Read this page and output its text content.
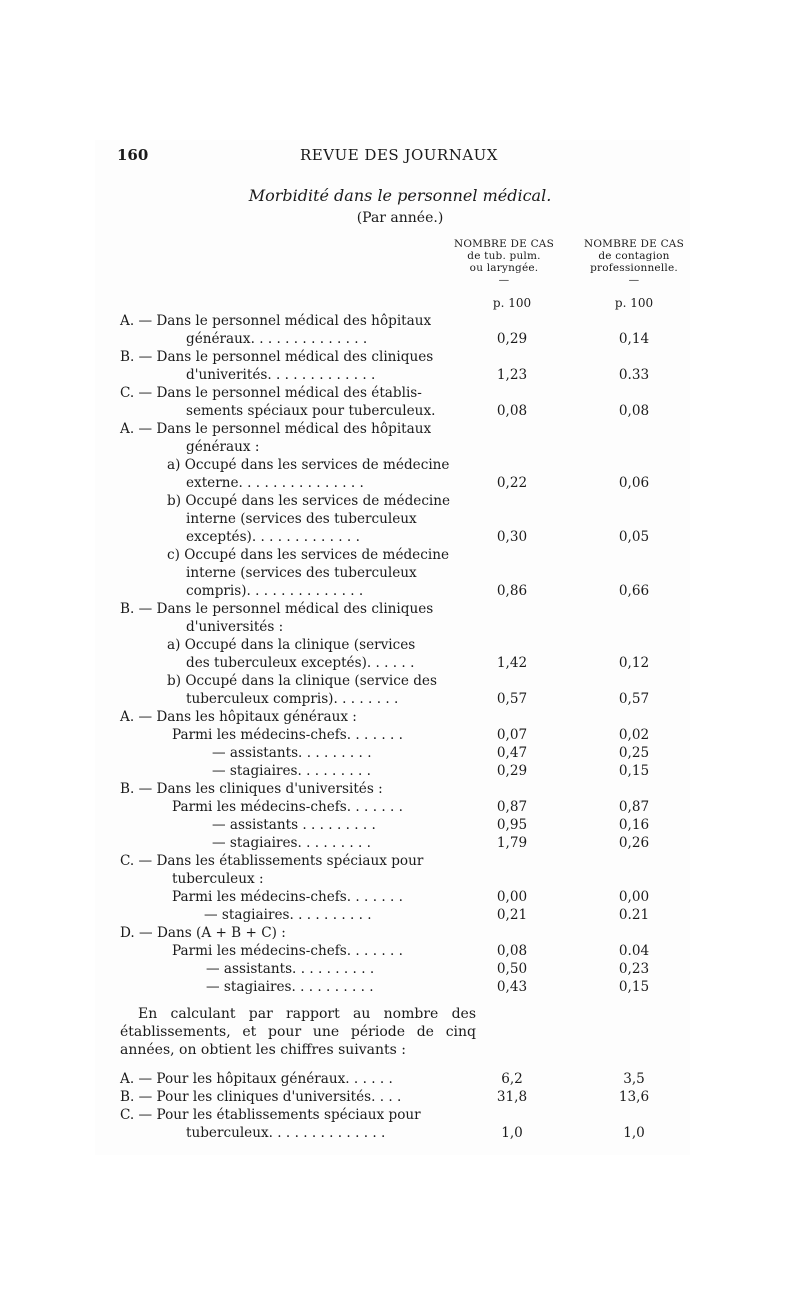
160	REVUE DES JOURNAUX
Morbidité dans le personnel médical.
(Par année.)
NOMBRE DE CAS
de tub. pulm.
ou laryngée.
—
NOMBRE DE CAS
de contagion
professionnelle.
—
p. 100	p. 100
A. — Dans le personnel médical des hôpitaux
généraux. . . . . . . . . . . . . .	0,29	0,14
B. — Dans le personnel médical des cliniques
d'univerités. . . . . . . . . . . . .	1,23	0.33
C. — Dans le personnel médical des établis-
sements spéciaux pour tuberculeux.	0,08	0,08
A. — Dans le personnel médical des hôpitaux
généraux :
a) Occupé dans les services de médecine
externe. . . . . . . . . . . . . . .	0,22	0,06
b) Occupé dans les services de médecine
interne (services des tuberculeux
exceptés). . . . . . . . . . . . .	0,30	0,05
c) Occupé dans les services de médecine
interne (services des tuberculeux
compris). . . . . . . . . . . . . .	0,86	0,66
B. — Dans le personnel médical des cliniques
d'universités :
a) Occupé dans la clinique (services
des tuberculeux exceptés). . . . . .	1,42	0,12
b) Occupé dans la clinique (service des
tuberculeux compris). . . . . . . .	0,57	0,57
A. — Dans les hôpitaux généraux :
Parmi les médecins-chefs. . . . . . .	0,07	0,02
— assistants. . . . . . . . .	0,47	0,25
— stagiaires. . . . . . . . .	0,29	0,15
B. — Dans les cliniques d'universités :
Parmi les médecins-chefs. . . . . . .	0,87	0,87
— assistants . . . . . . . . .	0,95	0,16
— stagiaires. . . . . . . . .	1,79	0,26
C. — Dans les établissements spéciaux pour
tuberculeux :
Parmi les médecins-chefs. . . . . . .	0,00	0,00
— stagiaires. . . . . . . . . .	0,21	0.21
D. — Dans (A + B + C) :
Parmi les médecins-chefs. . . . . . .	0,08	0.04
— assistants. . . . . . . . . .	0,50	0,23
— stagiaires. . . . . . . . . .	0,43	0,15
En calculant par rapport au nombre des établissements, et pour une période de cinq années, on obtient les chiffres suivants :
A. — Pour les hôpitaux généraux. . . . . .	6,2	3,5
B. — Pour les cliniques d'universités. . . .	31,8	13,6
C. — Pour les établissements spéciaux pour
tuberculeux. . . . . . . . . . . . . .	1,0	1,0
